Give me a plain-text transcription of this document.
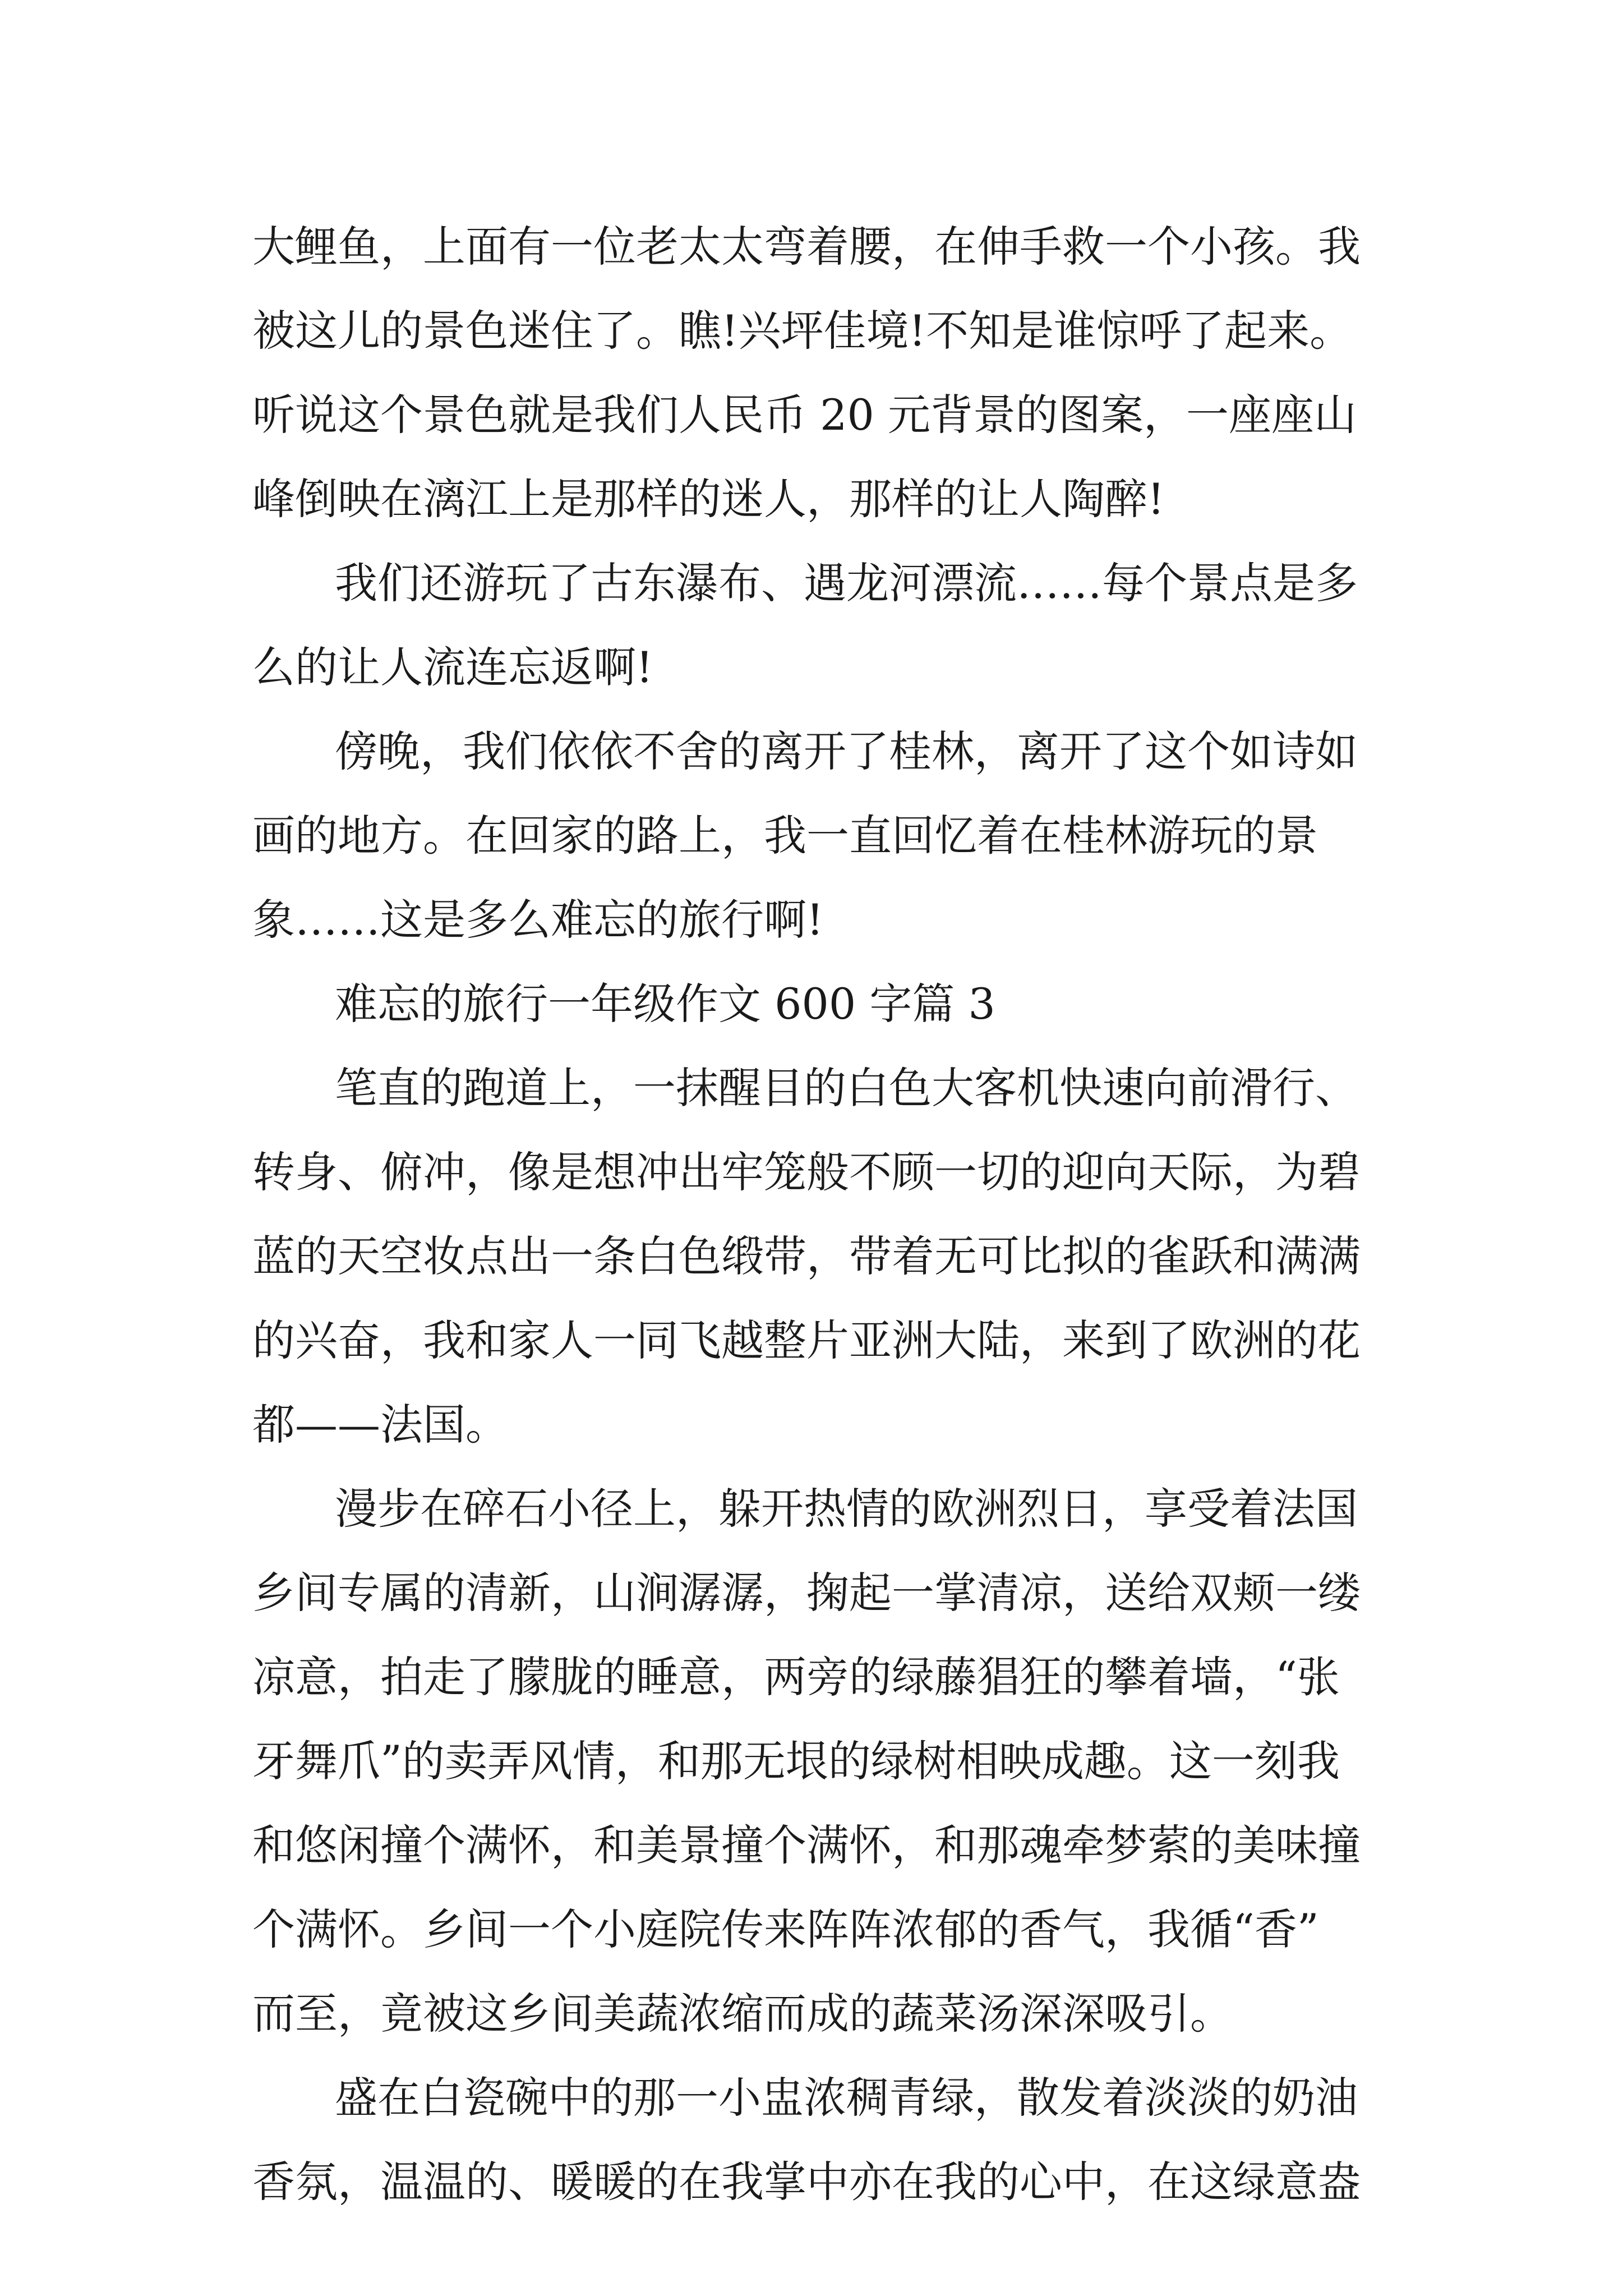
大鲤鱼，上面有一位老太太弯着腰，在伸手救一个小孩。我
被这儿的景色迷住了。瞧!兴坪佳境!不知是谁惊呼了起来。
听说这个景色就是我们人民币 20 元背景的图案，一座座山
峰倒映在漓江上是那样的迷人，那样的让人陶醉!
我们还游玩了古东瀑布、遇龙河漂流……每个景点是多
么的让人流连忘返啊!
傍晚，我们依依不舍的离开了桂林，离开了这个如诗如
画的地方。在回家的路上，我一直回忆着在桂林游玩的景
象……这是多么难忘的旅行啊!
难忘的旅行一年级作文 600 字篇 3
笔直的跑道上，一抹醒目的白色大客机快速向前滑行、
转身、俯冲，像是想冲出牢笼般不顾一切的迎向天际，为碧
蓝的天空妆点出一条白色缎带，带着无可比拟的雀跃和满满
的兴奋，我和家人一同飞越整片亚洲大陆，来到了欧洲的花
都——法国。
漫步在碎石小径上，躲开热情的欧洲烈日，享受着法国
乡间专属的清新，山涧潺潺，掬起一掌清凉，送给双颊一缕
凉意，拍走了朦胧的睡意，两旁的绿藤猖狂的攀着墙，“张
牙舞爪”的卖弄风情，和那无垠的绿树相映成趣。这一刻我
和悠闲撞个满怀，和美景撞个满怀，和那魂牵梦萦的美味撞
个满怀。乡间一个小庭院传来阵阵浓郁的香气，我循“香”
而至，竟被这乡间美蔬浓缩而成的蔬菜汤深深吸引。
盛在白瓷碗中的那一小盅浓稠青绿，散发着淡淡的奶油
香氛，温温的、暖暖的在我掌中亦在我的心中，在这绿意盎
